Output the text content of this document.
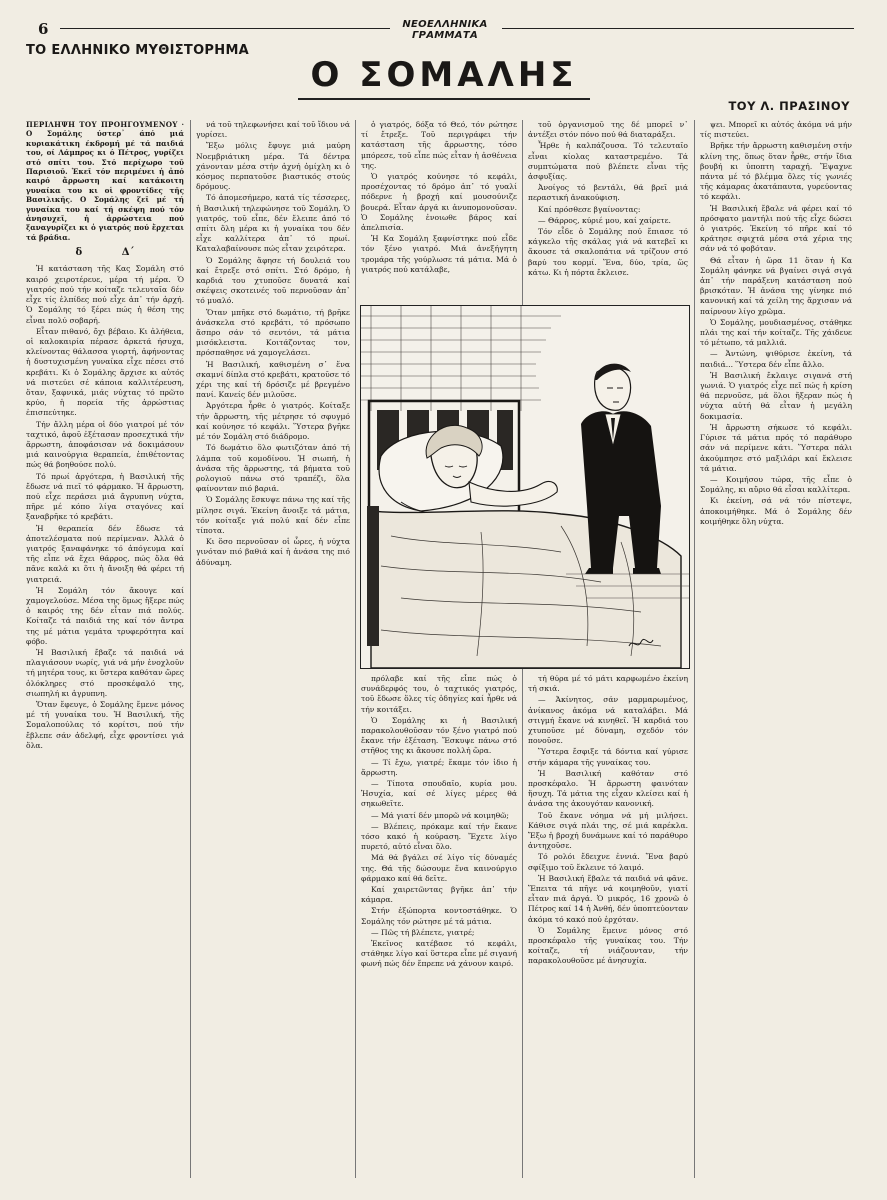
6	ΝΕΟΕΛΛΗΝΙΚΑ ΓΡΑΜΜΑΤΑ
ΤΟ ΕΛΛΗΝΙΚΟ ΜΥΘΙΣΤΟΡΗΜΑ
Ο ΣΟΜΑΛΗΣ
ΤΟΥ Λ. ΠΡΑΣΙΝΟΥ
ΠΕΡΙΛΗΨΗ ΤΟΥ ΠΡΟΗΓΟΥΜΕΝΟΥ · Ο Σομάλης ύστερ᾿ άπό μιά κυριακάτικη έκδρομή μέ τά παιδιά του, οί Λάμπρος κι ό Πέτρος, γυρίζει στό σπίτι του. Στό περίχωρο τοῦ Παρισιοῦ. Ἐκεῖ τόν περιμένει ἡ ἀπό καιρό ἄρρωστη καί κατάκοιτη γυναίκα του κι οἱ φροντίδες τῆς Βασιλικῆς. Ο Σομάλης ζεῖ μέ τή γυναίκα του καί τή σκέψη πού τόν ἀνησυχεῖ, ἡ ἀρρώστεια πού ξαναγυρίζει κι ὁ γιατρός πού ἔρχεται τά βράδια.
δ	Δ΄

Ἡ κατάσταση τῆς Κας Σομάλη στό καιρό χειροτέρευε, μέρα τή μέρα. Ὁ γιατρός πού τήν κοίταζε τελευταῖα δέν εἶχε τίς ἐλπίδες πού εἶχε ἀπ᾿ τήν ἀρχή. Ὁ Σομάλης τό ξέρει πώς ἡ θέση της εἶναι πολύ σοβαρή.

Εἶταν πιθανό, ὄχι βέβαιο. Κι ἀλήθεια, οἱ καλοκαιρία πέρασε ἀρκετά ήσυχα, κλείνοντας θάλασσα γιορτή, ἀφήνοντας ἡ δυστυχισμένη γυναίκα εἶχε πέσει στό κρεβάτι. Κι ὁ Σομάλης ἄρχισε κι αὐτός νά πιστεύει σέ κάποια καλλιτέρευση, ὅταν, ξαφνικά, μιάς νύχτας τό πρῶτο κρύο, ἡ πορεία τῆς ἀρρώστιας ἐπισπεύτηκε.

Τήν ἄλλη μέρα οἱ δύο γιατροί μέ τόν ταχτικό, ἀφοῦ ἐξέτασαν προσεχτικά τήν ἄρρωστη, ἀποφάσισαν νά δοκιμάσουν μιά καινούργια θεραπεία, ἐπιθέτοντας πώς θά βοηθούσε πολύ.

Τό πρωί ἀργότερα, ἡ Βασιλική τῆς ἔδωσε νά πιεῖ τό φάρμακο. Ἡ ἄρρωστη, πού εἶχε περάσει μιά ἄγρυπνη νύχτα, πῆρε μέ κόπο λίγα σταγόνες καί ξαναβρῆκε τό κρεβάτι.

Ἡ θεραπεία δέν ἔδωσε τά ἀποτελέσματα πού περίμεναν. Ἀλλά ὁ γιατρός ξαναφάνηκε τό ἀπόγευμα καί τῆς εἶπε νά ἔχει θάρρος, πώς ὅλα θά πᾶνε καλά κι ὅτι ἡ ἄνοιξη θά φέρει τή γιατρειά.

Ἡ Σομάλη τόν ἄκουγε καί χαμογελούσε. Μέσα της ὅμως ἤξερε πώς ὁ καιρός της δέν εἶταν πιά πολύς. Κοίταζε τά παιδιά της καί τόν ἄντρα της μέ μάτια γεμάτα τρυφερότητα καί φόβο.

Ἡ Βασιλική ἔβαζε τά παιδιά νά πλαγιάσουν νωρίς, γιά νά μήν ἐνοχλοῦν τή μητέρα τους, κι ὕστερα καθόταν ὥρες ὁλόκληρες στό προσκέφαλό της, σιωπηλή κι ἀγρυπνη.

Ὅταν ἔφευγε, ὁ Σομάλης ἔμενε μόνος μέ τή γυναίκα του. Ἡ Βασιλική, τῆς Σομαλοπούλας τό κορίτσι, πού τήν ἔβλεπε σάν ἀδελφή, εἶχε φροντίσει γιά ὅλα.

νά τοῦ τηλεφωνήσει καί τοῦ ἴδιου νά γυρίσει.

Ἔξω μόλις ἔφυγε μιά μαύρη Νοεμβριάτικη μέρα. Τά δέντρα χάνονταν μέσα στήν ἀχνή ὁμίχλη κι ὁ κόσμος περπατοῦσε βιαστικός στούς δρόμους.

Τό ἀπομεσήμερο, κατά τίς τέσσερες, ἡ Βασιλική τηλεφώνησε τοῦ Σομάλη. Ὁ γιατρός, τοῦ εἶπε, δέν ἔλειπε ἀπό τό σπίτι ὅλη μέρα κι ἡ γυναίκα του δέν εἶχε καλλίτερα ἀπ᾿ τό πρωί. Καταλαβαίνουσε πώς εἶταν χειρότερα.

Ὁ Σομάλης ἄφησε τή δουλειά του καί ἔτρεξε στό σπίτι. Στό δρόμο, ἡ καρδιά του χτυποῦσε δυνατά καί σκέψεις σκοτεινές τοῦ περνοῦσαν ἀπ᾿ τό μυαλό.

Ὅταν μπῆκε στό δωμάτιο, τή βρῆκε ἀνάσκελα στό κρεβάτι, τό πρόσωπο ἄσπρο σάν τό σεντόνι, τά μάτια μισόκλειστα. Κοιτάζοντας τον, πρόσπαθησε νά χαμογελάσει.

Ἡ Βασιλική, καθισμένη σ᾿ ἕνα σκαμνί δίπλα στό κρεβάτι, κρατοῦσε τό χέρι της καί τή δρόσιζε μέ βρεγμένο πανί. Κανείς δέν μιλοῦσε.

Ἀργότερα ἦρθε ὁ γιατρός. Κοίταξε τήν ἄρρωστη, τῆς μέτρησε τό σφυγμό καί κούνησε τό κεφάλι. Ὕστερα βγῆκε μέ τόν Σομάλη στό διάδρομο.

Τό δωμάτιο ὅλο φωτιζόταν ἀπό τή λάμπα τοῦ κομοδίνου. Ἡ σιωπή, ἡ ἀνάσα τῆς ἄρρωστης, τά βήματα τοῦ ρολογιοῦ πάνω στό τραπέζι, ὅλα φαίνονταν πιό βαριά.

Ὁ Σομάλης ἔσκυψε πάνω της καί τῆς μίλησε σιγά. Ἐκείνη ἄνοιξε τά μάτια, τόν κοίταξε γιά πολύ καί δέν εἶπε τίποτα.

Κι ὅσο περνοῦσαν οἱ ὧρες, ἡ νύχτα γινόταν πιό βαθιά καί ἡ ἀνάσα της πιό ἀδύναμη.

ὁ γιατρός, δόξα τό Θεό, τόν ρώτησε τί ἔτρεξε. Τοῦ περιγράφει τήν κατάσταση τῆς ἄρρωστης, τόσο μπόρεσε, τοῦ εἶπε πώς εἶταν ἡ ἀσθένεια της.

Ὁ γιατρός κούνησε τό κεφάλι, προσέχοντας τό δρόμο ἀπ᾿ τό γυαλί πόδερνε ἡ βροχή καί μουσούνιζε βουερά. Εἶταν ἀργά κι ἀνυπομονοῦσαν. Ὁ Σομάλης ἐνοιωθε βάρος καί ἀπελπισία.

Ἡ Κα Σομάλη ξαφνίστηκε πού εἶδε τόν ξένο γιατρό. Μιά ἀνεξήγητη τρομάρα τῆς γούρλωσε τά μάτια. Μά ὁ γιατρός πού κατάλαβε,

τοῦ ὀργανισμοῦ της δέ μπορεῖ ν᾿ ἀντέξει στόν πόνο πού θά διαταράξει.

Ἦρθε ἡ καλπάζουσα. Τό τελευταῖο εἶναι κίολας καταστρεμένο. Τά συμπτώματα πού βλέπετε εἶναι τῆς ἀσφυξίας.

Ἀνοίγος τό βεντάλι, θά βρεῖ μιά περαστική ἀνακούφιση.

Καί πρόσθεσε βγαίνοντας:

— Θάρρος, κύριέ μου, καί χαίρετε.

Τόν εἶδε ὁ Σομάλης πού ἔπιασε τό κάγκελο τῆς σκάλας γιά νά κατεβεῖ κι ἄκουσε τά σκαλοπάτια νά τρίζουν στό βαρύ του κορμί. Ἕνα, δύο, τρία, ὥς κάτω. Κι ἡ πόρτα ἔκλεισε.

πρόλαβε καί τῆς εἶπε πώς ὁ συνάδερφός του, ὁ ταχτικός γιατρός, τοῦ ἔδωσε ὅλες τίς ὁδηγίες καί ἦρθε νά τήν κοιτάξει.

Ὁ Σομάλης κι ἡ Βασιλική παρακολουθοῦσαν τόν ξένο γιατρό πού ἔκανε τήν ἐξέταση. Ἔσκυψε πάνω στό στῆθος της κι ἄκουσε πολλή ὥρα.

— Τί ἔχω, γιατρέ; ἔκαμε τόν ἰδιο ἡ ἄρρωστη.

— Τίποτα σπουδαῖο, κυρία μου. Ἡσυχία, καί σέ λίγες μέρες θά σηκωθεῖτε.

— Μά γιατί δέν μπορῶ νά κοιμηθῶ;

— Βλέπεις, πρόκαμε καί τήν ἔκανε τόσο κακό ἡ κούραση. Ἔχετε λίγο πυρετό, αὐτό εἶναι ὅλο.

Μά θά βγάλει σέ λίγο τίς δύναμές της. Θά τῆς δώσουμε ἕνα καινούργιο φάρμακο καί θά δεῖτε.

Καί χαιρετῶντας βγῆκε ἀπ᾿ τήν κάμαρα.

Στήν ἐξώπορτα κοντοστάθηκε. Ὁ Σομάλης τόν ρώτησε μέ τά μάτια.

— Πῶς τή βλέπετε, γιατρέ;

Ἐκεῖνος κατέβασε τό κεφάλι, στάθηκε λίγο καί ὕστερα εἶπε μέ σιγανή φωνή πώς δέν ἔπρεπε νά χάνουν καιρό.

τή θύρα μέ τό μάτι καρφωμένο ἐκείνη τή σκιά.

— Ἀκίνητος, σάν μαρμαρωμένος, ἀνίκανος ἀκόμα νά καταλάβει. Μά στιγμή ἔκανε νά κινηθεῖ. Ἡ καρδιά του χτυποῦσε μέ δύναμη, σχεδόν τόν πονοῦσε.

Ὕστερα ἔσφιξε τά δόντια καί γύρισε στήν κάμαρα τῆς γυναίκας του.

Ἡ Βασιλική καθόταν στό προσκέφαλο. Ἡ ἄρρωστη φαινόταν ἥσυχη. Τά μάτια της εἶχαν κλείσει καί ἡ ἀνάσα της ἀκουγόταν κανονική.

Τοῦ ἔκανε νόημα νά μή μιλήσει. Κάθισε σιγά πλάι της, σέ μιά καρέκλα. Ἔξω ἡ βροχή δυνάμωνε καί τό παράθυρο ἀντηχοῦσε.

Τό ρολόι ἔδειχνε ἐννιά. Ἕνα βαρύ σφίξιμο τοῦ ἔκλεινε τό λαιμό.

Ἡ Βασιλική ἔβαλε τά παιδιά νά φᾶνε. Ἕπειτα τά πῆγε νά κοιμηθοῦν, γιατί εἶταν πιά ἀργά. Ὁ μικρός, 16 χρονῶ ὁ Πέτρος καί 14 ἡ Ἀνθή, δέν ὑποπτεύονταν ἀκόμα τό κακό πού ἐρχόταν.

Ὁ Σομάλης ἔμεινε μόνος στό προσκέφαλο τῆς γυναίκας του. Τήν κοίταζε, τή νιάζουνταν, τήν παρακολουθοῦσε μέ ἀνησυχία.

ψει. Μπορεῖ κι αὐτός ἀκόμα νά μήν τίς πιστεύει.

Βρῆκε τήν ἄρρωστη καθισμένη στήν κλίνη της, ὅπως ὅταν ἦρθε, στήν ἴδια βουβή κι ὑποπτη ταραχή. Ἔψαχνε πάντα μέ τό βλέμμα ὅλες τίς γωνιές τῆς κάμαρας ἀκατάπαυτα, γυρεύοντας τό κεφάλι.

Ἡ Βασιλική ἔβαλε νά φέρει καί τό πρόσφατο μαντήλι πού τῆς εἶχε δώσει ὁ γιατρός. Ἐκείνη τό πῆρε καί τό κράτησε σφιχτά μέσα στά χέρια της σάν νά τό φοβόταν.

Θά εἶταν ἡ ὥρα 11 ὅταν ἡ Κα Σομάλη φάνηκε νά βγαίνει σιγά σιγά ἀπ᾿ τήν παράξενη κατάσταση πού βρισκόταν. Ἡ ἀνάσα της γίνηκε πιό κανονική καί τά χείλη της ἄρχισαν νά παίρνουν λίγο χρῶμα.

Ὁ Σομάλης, μουδιασμένος, στάθηκε πλάι της καί τήν κοίταζε. Τῆς χάιδευε τό μέτωπο, τά μαλλιά.

— Ἀντώνη, ψιθύρισε ἐκείνη, τά παιδιά... Ὕστερα δέν εἶπε ἄλλο.

Ἡ Βασιλική ἔκλαιγε σιγανά στή γωνιά. Ὁ γιατρός εἶχε πεῖ πώς ἡ κρίση θά περνοῦσε, μά ὅλοι ἤξεραν πώς ἡ νύχτα αὐτή θά εἶταν ἡ μεγάλη δοκιμασία.

Ἡ ἄρρωστη σήκωσε τό κεφάλι. Γύρισε τά μάτια πρός τό παράθυρο σάν νά περίμενε κάτι. Ὕστερα πάλι ἀκούμπησε στό μαξιλάρι καί ἔκλεισε τά μάτια.

— Κοιμήσου τώρα, τῆς εἶπε ὁ Σομάλης, κι αὔριο θά εἶσαι καλλίτερα.

Κι ἐκείνη, σά νά τόν πίστεψε, ἀποκοιμήθηκε. Μά ὁ Σομάλης δέν κοιμήθηκε ὅλη νύχτα.
